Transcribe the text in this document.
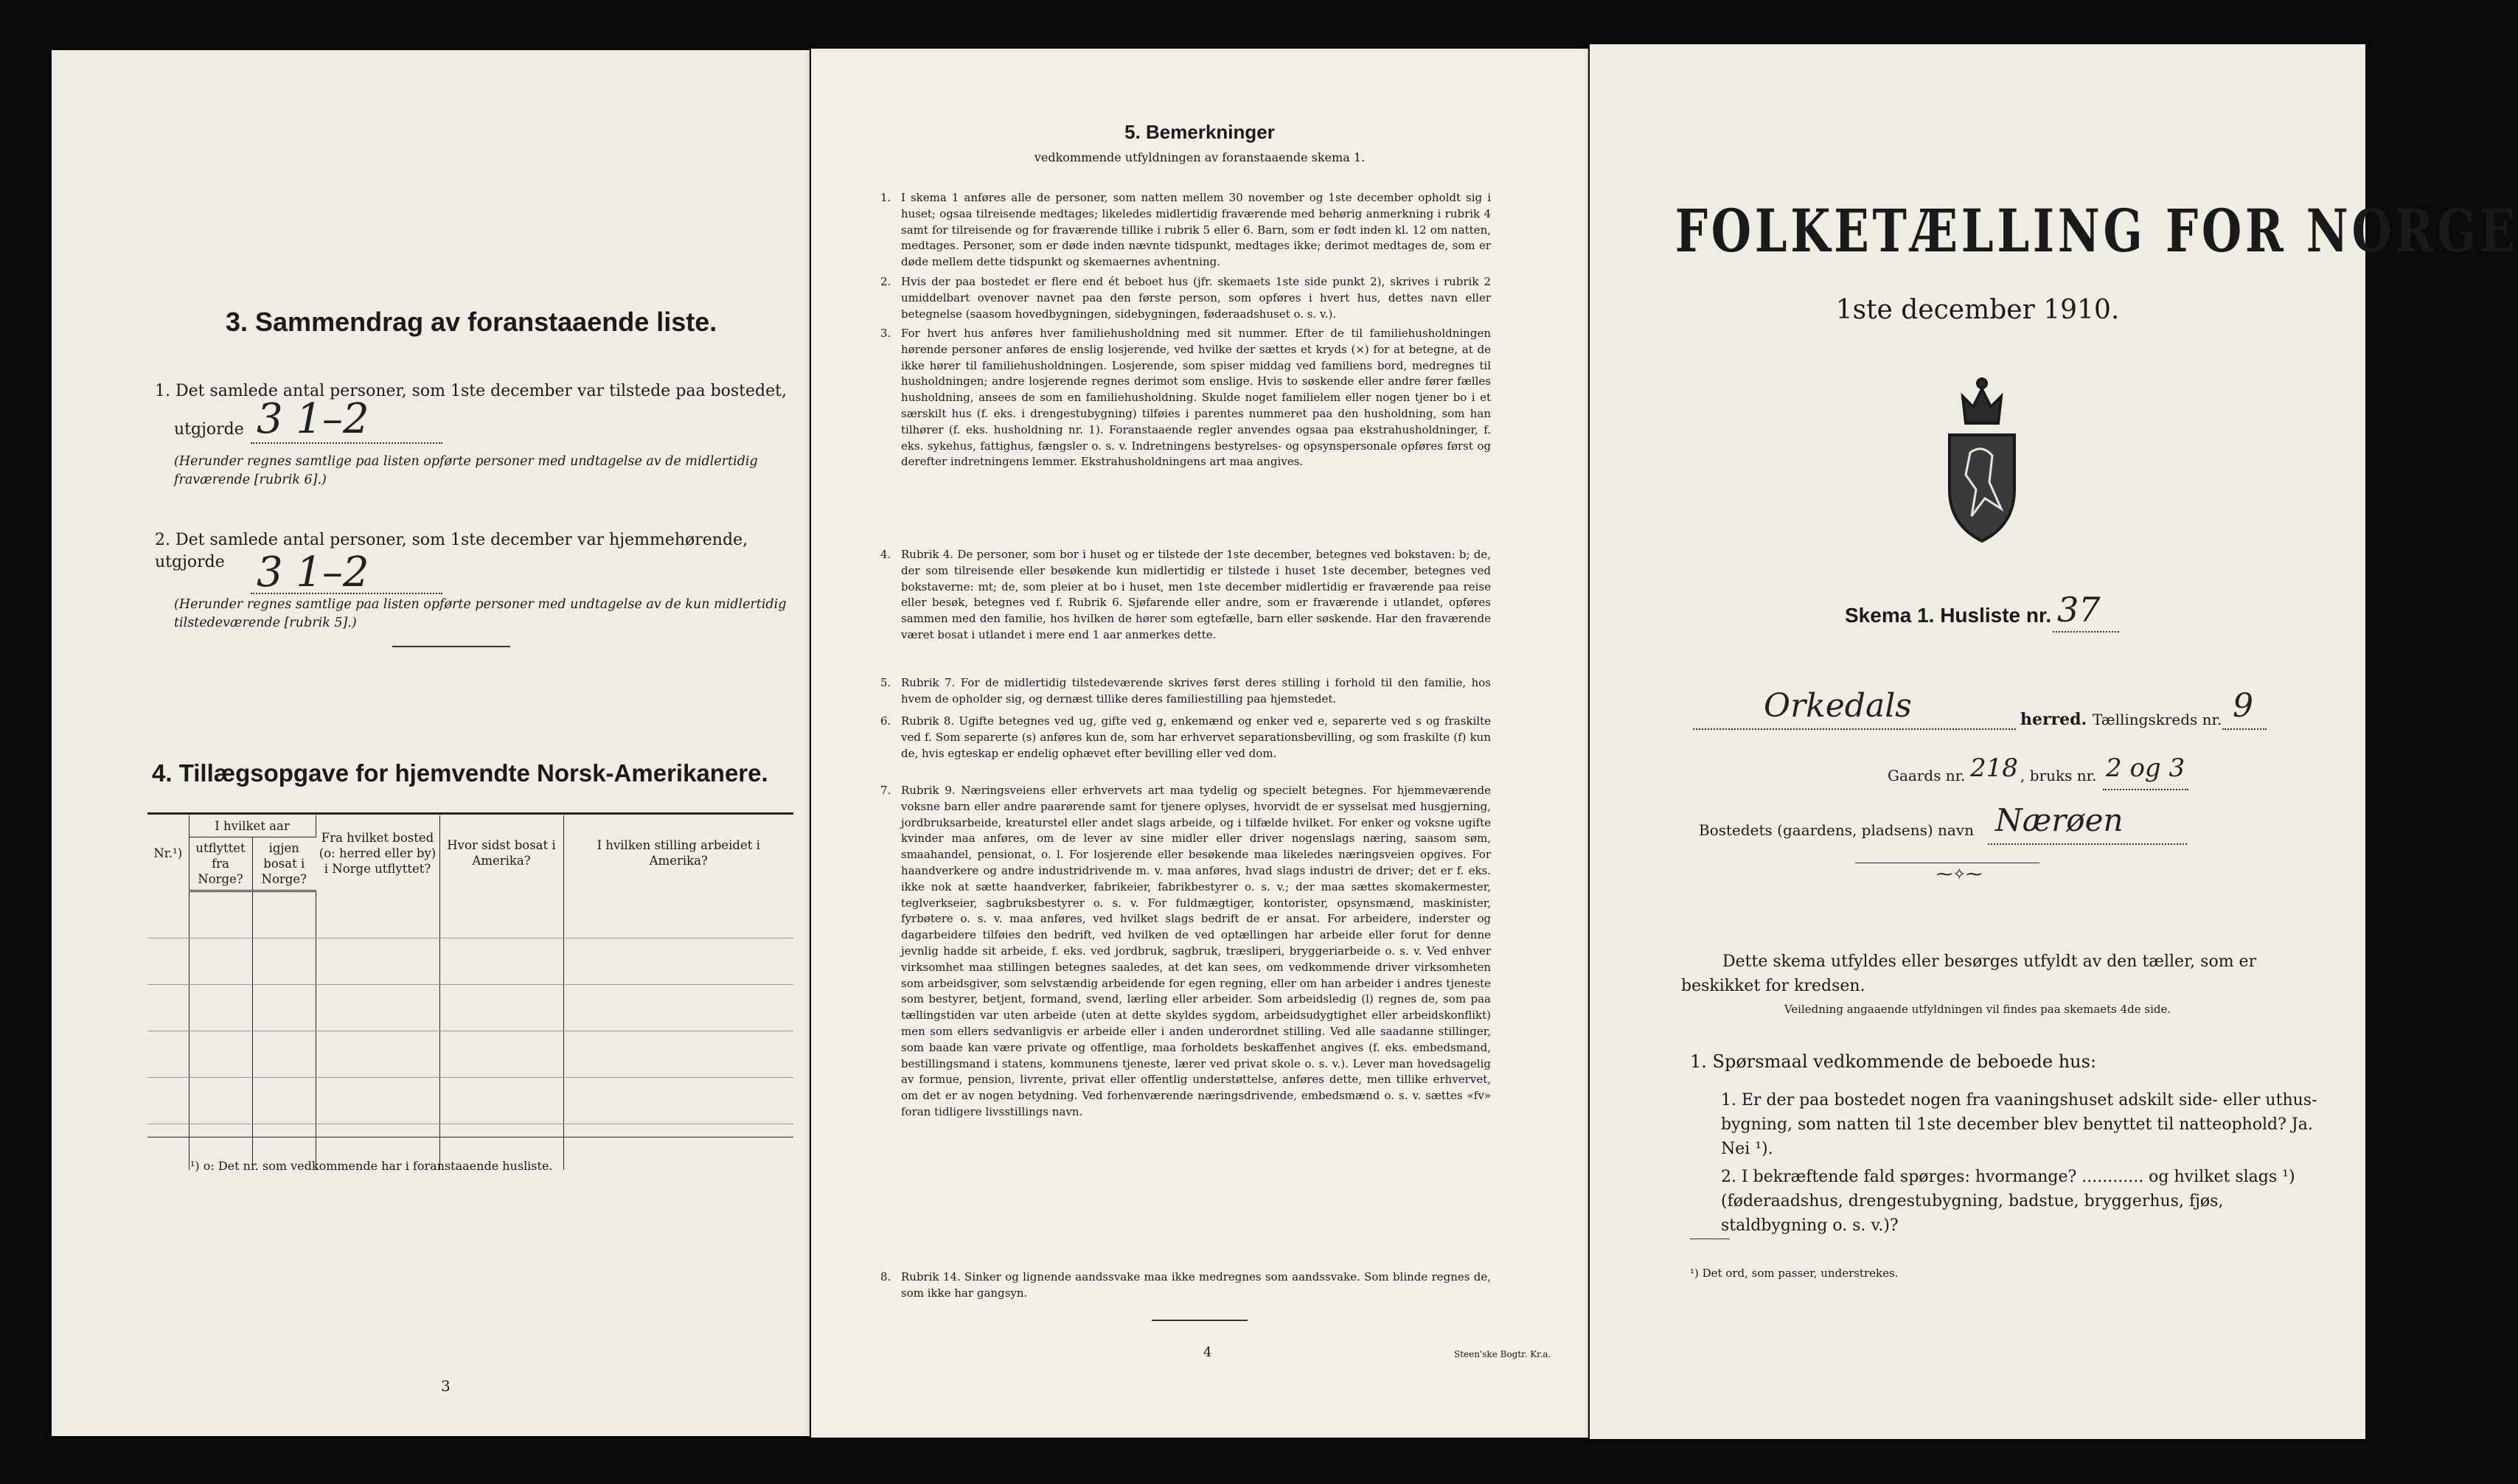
3. Sammendrag av foranstaaende liste.
1. Det samlede antal personer, som 1ste december var tilstede paa bostedet,
utgjorde 3 1–2
(Herunder regnes samtlige paa listen opførte personer med undtagelse av de midlertidig fraværende [rubrik 6].)
2. Det samlede antal personer, som 1ste december var hjemmehørende, utgjorde 3 1–2
(Herunder regnes samtlige paa listen opførte personer med undtagelse av de kun midlertidig tilstedeværende [rubrik 5].)
4. Tillægsopgave for hjemvendte Norsk-Amerikanere.
Nr.¹)	I hvilket aar		Fra hvilket bosted (o: herred eller by) i Norge utflyttet?	Hvor sidst bosat i Amerika?	I hvilken stilling arbeidet i Amerika?
	utflyttet fra Norge?	igjen bosat i Norge?			

¹) o: Det nr. som vedkommende har i foranstaaende husliste.
3
5. Bemerkninger
vedkommende utfyldningen av foranstaaende skema 1.
1. I skema 1 anføres alle de personer, som natten mellem 30 november og 1ste december opholdt sig i huset; ogsaa tilreisende medtages; likeledes midlertidig fraværende med behørig anmerkning i rubrik 4 samt for tilreisende og for fraværende tillike i rubrik 5 eller 6. Barn, som er født inden kl. 12 om natten, medtages. Personer, som er døde inden nævnte tidspunkt, medtages ikke; derimot medtages de, som er døde mellem dette tidspunkt og skemaernes avhentning.
2. Hvis der paa bostedet er flere end ét beboet hus (jfr. skemaets 1ste side punkt 2), skrives i rubrik 2 umiddelbart ovenover navnet paa den første person, som opføres i hvert hus, dettes navn eller betegnelse (saasom hovedbygningen, sidebygningen, føderaadshuset o. s. v.).
3. For hvert hus anføres hver familiehusholdning med sit nummer. Efter de til familiehusholdningen hørende personer anføres de enslig losjerende, ved hvilke der sættes et kryds (×) for at betegne, at de ikke hører til familiehusholdningen. Losjerende, som spiser middag ved familiens bord, medregnes til husholdningen; andre losjerende regnes derimot som enslige. Hvis to søskende eller andre fører fælles husholdning, ansees de som en familiehusholdning. Skulde noget familielem eller nogen tjener bo i et særskilt hus (f. eks. i drengestubygning) tilføies i parentes nummeret paa den husholdning, som han tilhører (f. eks. husholdning nr. 1). Foranstaaende regler anvendes ogsaa paa ekstrahusholdninger, f. eks. sykehus, fattighus, fængsler o. s. v. Indretningens bestyrelses- og opsynspersonale opføres først og derefter indretningens lemmer. Ekstrahusholdningens art maa angives.
4. Rubrik 4. De personer, som bor i huset og er tilstede der 1ste december, betegnes ved bokstaven: b; de, der som tilreisende eller besøkende kun midlertidig er tilstede i huset 1ste december, betegnes ved bokstaverne: mt; de, som pleier at bo i huset, men 1ste december midlertidig er fraværende paa reise eller besøk, betegnes ved f. Rubrik 6. Sjøfarende eller andre, som er fraværende i utlandet, opføres sammen med den familie, hos hvilken de hører som egtefælle, barn eller søskende. Har den fraværende været bosat i utlandet i mere end 1 aar anmerkes dette.
5. Rubrik 7. For de midlertidig tilstedeværende skrives først deres stilling i forhold til den familie, hos hvem de opholder sig, og dernæst tillike deres familiestilling paa hjemstedet.
6. Rubrik 8. Ugifte betegnes ved ug, gifte ved g, enkemænd og enker ved e, separerte ved s og fraskilte ved f. Som separerte (s) anføres kun de, som har erhvervet separationsbevilling, og som fraskilte (f) kun de, hvis egteskap er endelig ophævet efter bevilling eller ved dom.
7. Rubrik 9. Næringsveiens eller erhvervets art maa tydelig og specielt betegnes. For hjemmeværende voksne barn eller andre paarørende samt for tjenere oplyses, hvorvidt de er sysselsat med husgjerning, jordbruksarbeide, kreaturstel eller andet slags arbeide, og i tilfælde hvilket. For enker og voksne ugifte kvinder maa anføres, om de lever av sine midler eller driver nogenslags næring, saasom søm, smaahandel, pensionat, o. l. For losjerende eller besøkende maa likeledes næringsveien opgives. For haandverkere og andre industridrivende m. v. maa anføres, hvad slags industri de driver; det er f. eks. ikke nok at sætte haandverker, fabrikeier, fabrikbestyrer o. s. v.; der maa sættes skomakermester, teglverkseier, sagbruksbestyrer o. s. v. For fuldmægtiger, kontorister, opsynsmænd, maskinister, fyrbøtere o. s. v. maa anføres, ved hvilket slags bedrift de er ansat. For arbeidere, inderster og dagarbeidere tilføies den bedrift, ved hvilken de ved optællingen har arbeide eller forut for denne jevnlig hadde sit arbeide, f. eks. ved jordbruk, sagbruk, træsliperi, bryggeriarbeide o. s. v. Ved enhver virksomhet maa stillingen betegnes saaledes, at det kan sees, om vedkommende driver virksomheten som arbeidsgiver, som selvstændig arbeidende for egen regning, eller om han arbeider i andres tjeneste som bestyrer, betjent, formand, svend, lærling eller arbeider. Som arbeidsledig (l) regnes de, som paa tællingstiden var uten arbeide (uten at dette skyldes sygdom, arbeidsudygtighet eller arbeidskonflikt) men som ellers sedvanligvis er arbeide eller i anden underordnet stilling. Ved alle saadanne stillinger, som baade kan være private og offentlige, maa forholdets beskaffenhet angives (f. eks. embedsmand, bestillingsmand i statens, kommunens tjeneste, lærer ved privat skole o. s. v.). Lever man hovedsagelig av formue, pension, livrente, privat eller offentlig understøttelse, anføres dette, men tillike erhvervet, om det er av nogen betydning. Ved forhenværende næringsdrivende, embedsmænd o. s. v. sættes «fv» foran tidligere livsstillings navn.
8. Rubrik 14. Sinker og lignende aandssvake maa ikke medregnes som aandssvake. Som blinde regnes de, som ikke har gangsyn.
4	Steen'ske Bogtr. Kr.a.
FOLKETÆLLING FOR NORGE
1ste december 1910.
Skema 1. Husliste nr. 37
Orkedals	herred. Tællingskreds nr. 9
Gaards nr. 218 , bruks nr. 2 og 3
Bostedets (gaardens, pladsens) navn Nærøen
⁓✧⁓
Dette skema utfyldes eller besørges utfyldt av den tæller, som er beskikket for kredsen.
Veiledning angaaende utfyldningen vil findes paa skemaets 4de side.
1. Spørsmaal vedkommende de beboede hus:
1. Er der paa bostedet nogen fra vaaningshuset adskilt side- eller uthus-bygning, som natten til 1ste december blev benyttet til natteophold? Ja. Nei ¹).
2. I bekræftende fald spørges: hvormange? ............ og hvilket slags ¹) (føderaadshus, drengestubygning, badstue, bryggerhus, fjøs, staldbygning o. s. v.)?
¹) Det ord, som passer, understrekes.
